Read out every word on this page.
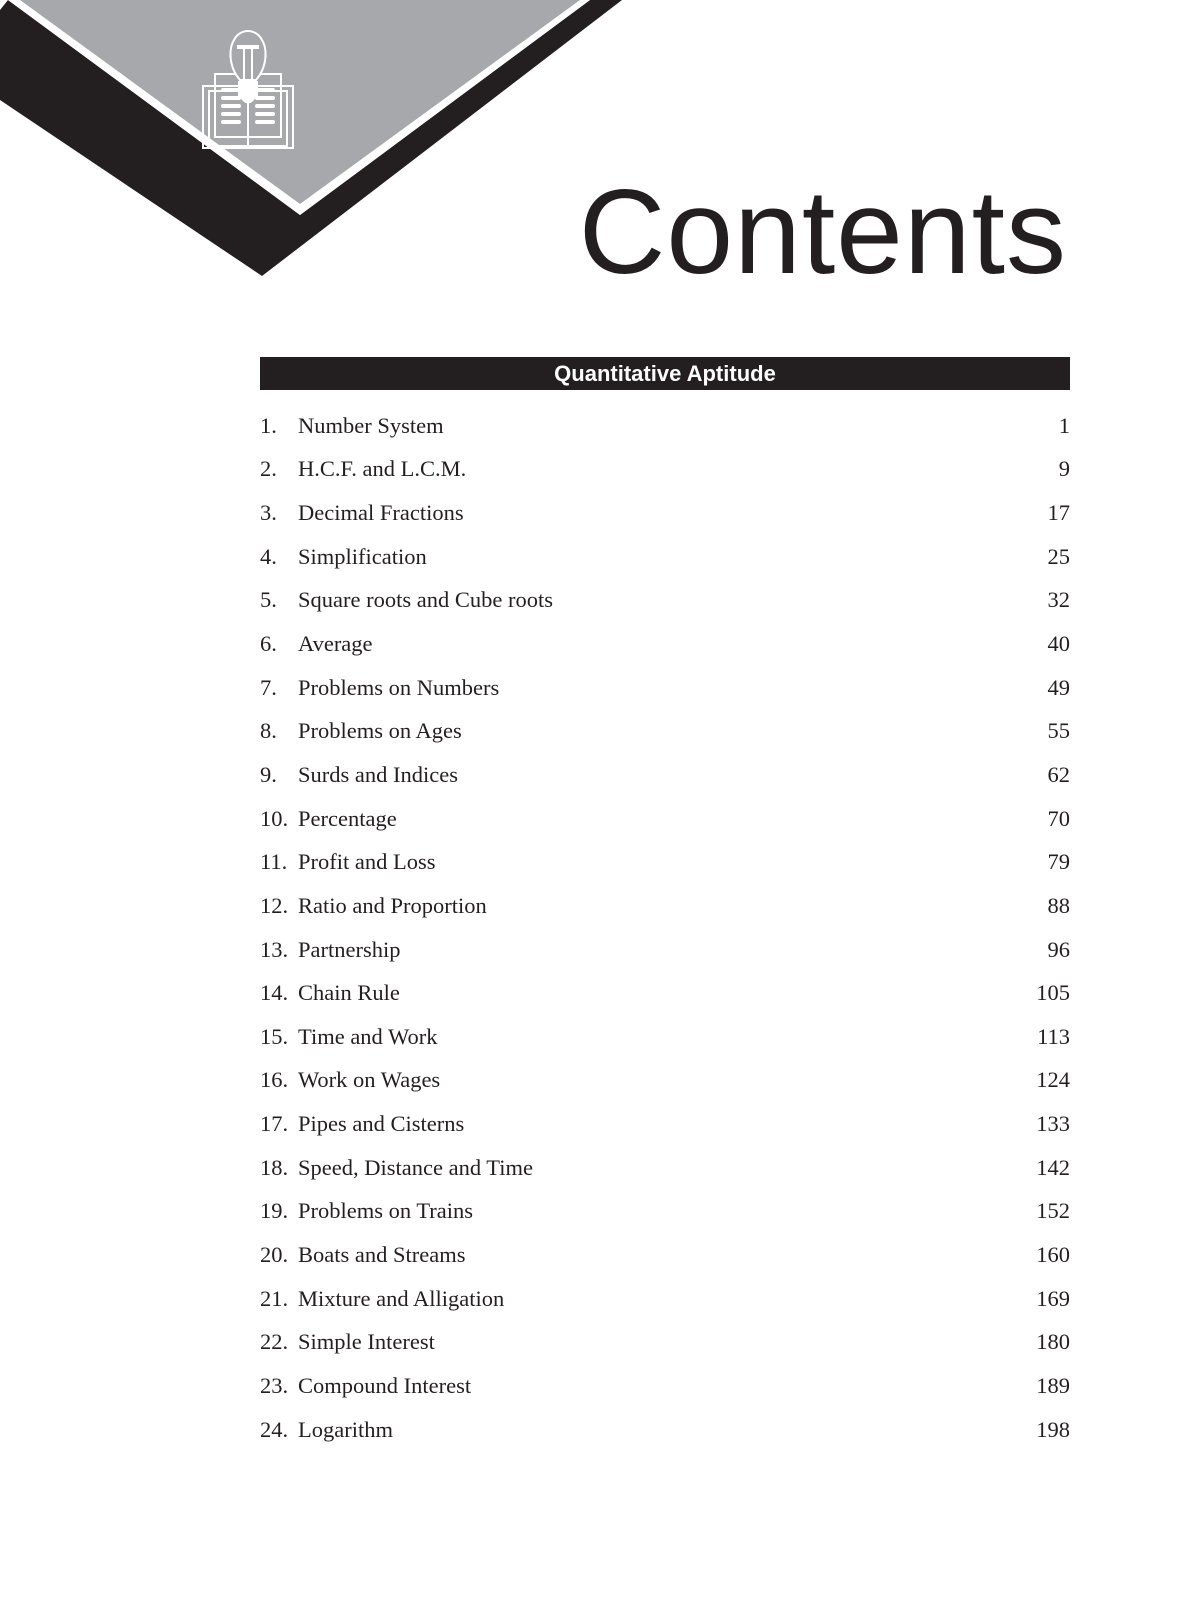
Contents
Quantitative Aptitude
1. Number System	1
2. H.C.F. and L.C.M.	9
3. Decimal Fractions	17
4. Simplification	25
5. Square roots and Cube roots	32
6. Average	40
7. Problems on Numbers	49
8. Problems on Ages	55
9. Surds and Indices	62
10. Percentage	70
11. Profit and Loss	79
12. Ratio and Proportion	88
13. Partnership	96
14. Chain Rule	105
15. Time and Work	113
16. Work on Wages	124
17. Pipes and Cisterns	133
18. Speed, Distance and Time	142
19. Problems on Trains	152
20. Boats and Streams	160
21. Mixture and Alligation	169
22. Simple Interest	180
23. Compound Interest	189
24. Logarithm	198
